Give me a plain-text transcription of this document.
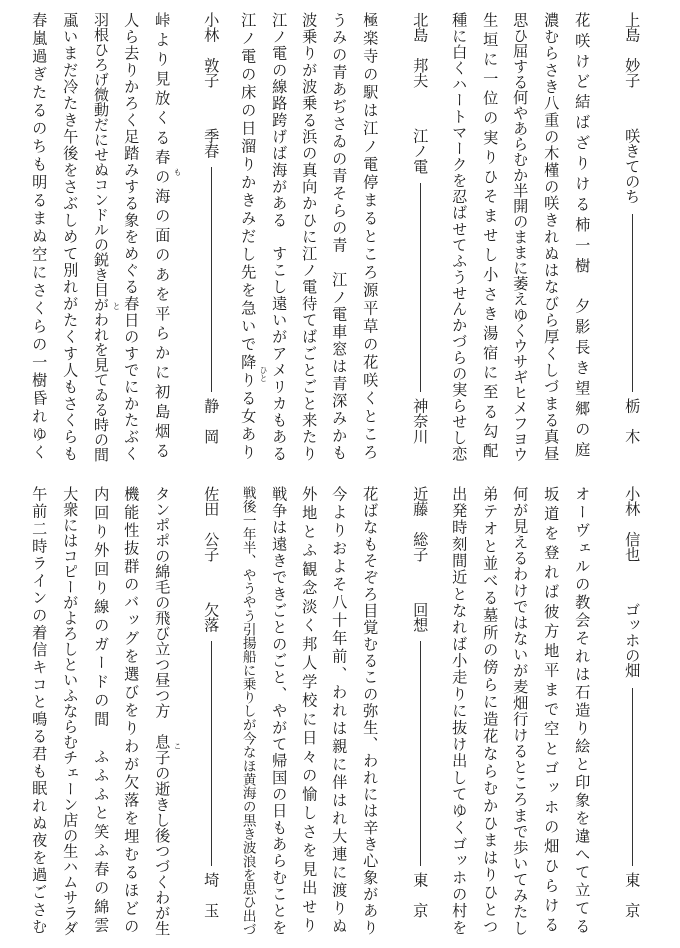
上島　妙子
咲きてのち
栃　木
花咲けど結ばざりける柿一樹　夕影長き望郷の庭
濃むらさき八重の木槿の咲きれぬはなびら厚くしづまる真昼
思ひ屈する何やあらむか半開のままに萎えゆくウサギヒメフヨウ
生垣に一位の実りひそませし小さき湯宿に至る勾配
種に白くハートマークを忍ばせてふうせんかづらの実らせし恋
北島　邦夫
江ノ電
神奈川
極楽寺の駅は江ノ電停まるところ源平草の花咲くところ
うみの青あぢさゐの青そらの青　江ノ電車窓は青深みかも
波乗りが波乗る浜の真向かひに江ノ電待てばごとごと来たり
江ノ電の線路跨げば海がある　すこし遠いがアメリカもある
江ノ電の床の日溜りかきみだし先を急いで降りる女あり
小林　敦子
季春
静　岡
峠より見放くる春の海の面のあを平らかに初島烟る
人ら去りかろく足踏みする象をめぐる春日のすでにかたぶく
羽根ひろげ微動だにせぬコンドルの鋭き目がわれを見てゐる時の間
颪いまだ冷たき午後をさぶしめて別れがたくす人もさくらも
春嵐過ぎたるのちも明るまぬ空にさくらの一樹昏れゆく	も
と
ひと
小林　信也
ゴッホの畑
東　京
オーヴェルの教会それは石造り絵と印象を違へて立てる
坂道を登れば彼方地平まで空とゴッホの畑ひらける
何が見えるわけではないが麦畑行けるところまで歩いてみたし
弟テオと並べる墓所の傍らに造花ならむかひまはりひとつ
出発時刻間近となれば小走りに抜け出してゆくゴッホの村を
近藤　総子
回想
東　京
花ばなもそぞろ目覚むるこの弥生、われには辛き心象があり
今よりおよそ八十年前、われは親に伴はれ大連に渡りぬ
外地とふ観念淡く邦人学校に日々の愉しさを見出せり
戦争は遠きできごとのごと、やがて帰国の日もあらむことを
戦後一年半、やうやう引揚船に乗りしが今なほ黄海の黒き波浪を思ひ出づ
佐田　公子
欠落
埼　玉
タンポポの綿毛の飛び立つ昼つ方　息子の逝きし後つづくわが生
機能性抜群のバッグを選びをりわが欠落を埋むるほどの
内回り外回り線のガードの間　ふふふと笑ふ春の綿雲
大衆にはコピーがよろしといふならむチェーン店の生ハムサラダ
午前二時ラインの着信キコと鳴る君も眠れぬ夜を過ごさむ	こ
